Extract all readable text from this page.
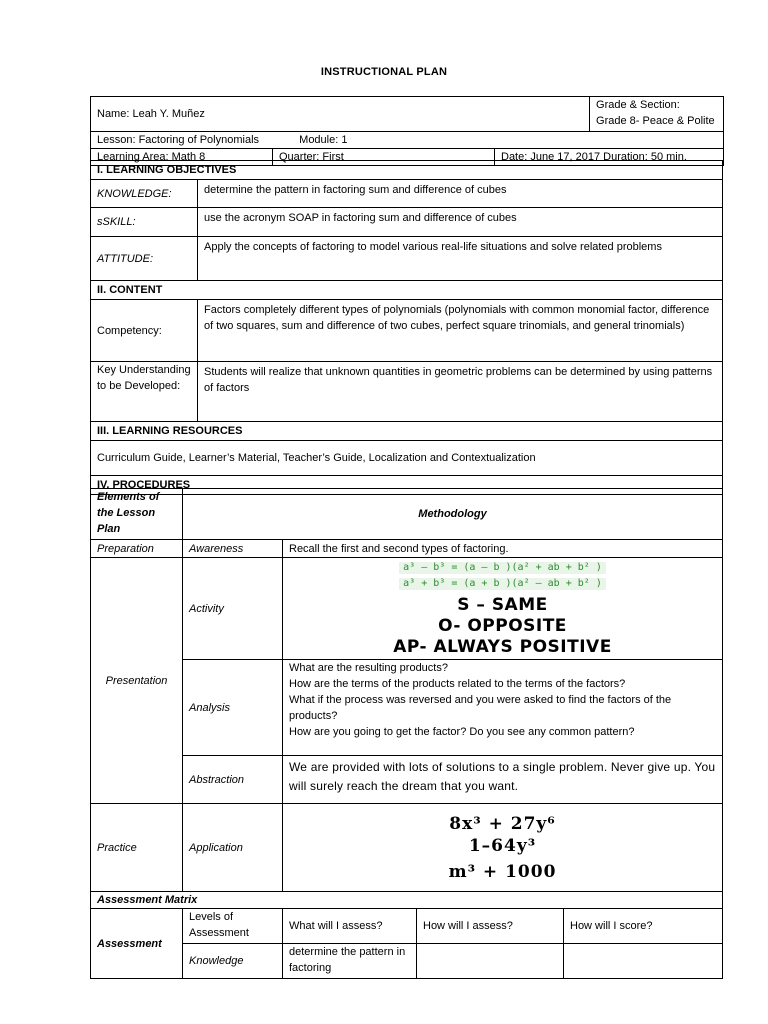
INSTRUCTIONAL PLAN
Name: Leah Y. Muñez			Grade & Section:
Grade 8- Peace & Polite

Lesson: Factoring of Polynomials Module: 1			
Learning Area: Math 8	Quarter: First	Date: June 17, 2017 Duration: 50 min.	
I. LEARNING OBJECTIVES	
KNOWLEDGE:	determine the pattern in factoring sum and difference of cubes
sSKILL:	use the acronym SOAP in factoring sum and difference of cubes
ATTITUDE:	Apply the concepts of factoring to model various real-life situations and solve related problems
II. CONTENT	
Competency:	Factors completely different types of polynomials (polynomials with common monomial factor, difference of two squares, sum and difference of two cubes, perfect square trinomials, and general trinomials)
Key Understanding to be Developed:	Students will realize that unknown quantities in geometric problems can be determined by using patterns of factors
III. LEARNING RESOURCES	
Curriculum Guide, Learner’s Material, Teacher’s Guide, Localization and Contextualization	
IV. PROCEDURES	
Elements of the Lesson Plan	Methodology			
Preparation	Awareness	Recall the first and second types of factoring.		
Presentation	Activity	a³ – b³ = (a – b )(a² + ab + b² )
a³ + b³ = (a + b )(a² – ab + b² )
S – SAME
O- OPPOSITE
AP- ALWAYS POSITIVE		

	Analysis	What are the resulting products?
How are the terms of the products related to the terms of the factors?
What if the process was reversed and you were asked to find the factors of the products?
How are you going to get the factor? Do you see any common pattern?		

	Abstraction	We are provided with lots of solutions to a single problem. Never give up. You will surely reach the dream that you want.		
Practice	Application	8x³ + 27y⁶
1–64y³
m³ + 1000		

Assessment Matrix				
Assessment	Levels of Assessment	What will I assess?	How will I assess?	How will I score?
	Knowledge	determine the pattern in factoring		
